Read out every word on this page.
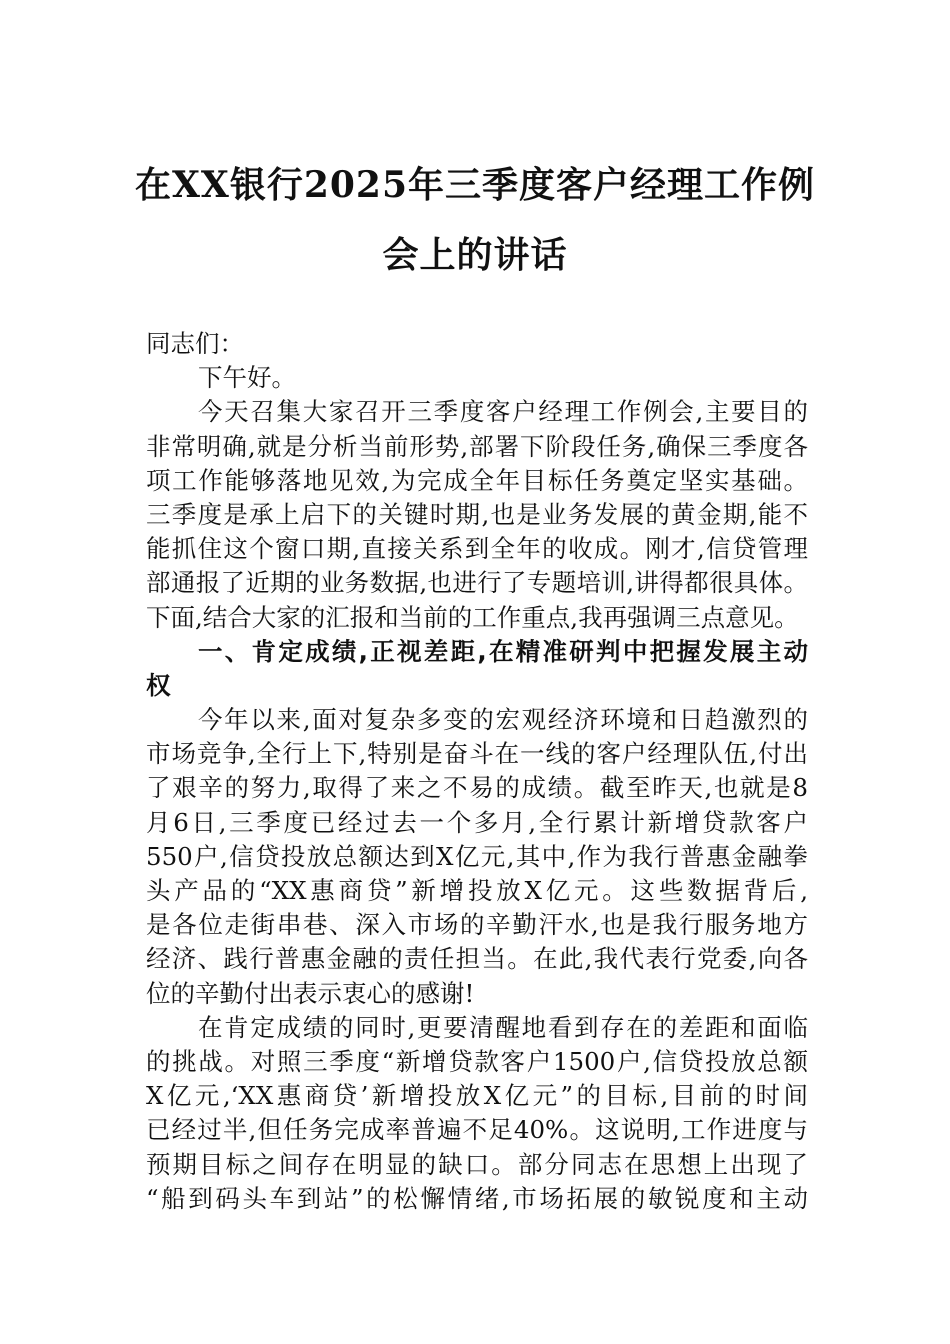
在XX银行2025年三季度客户经理工作例
会上的讲话
同志们：
下午好。
今天召集大家召开三季度客户经理工作例会,主要目的
非常明确,就是分析当前形势,部署下阶段任务,确保三季度各
项工作能够落地见效,为完成全年目标任务奠定坚实基础。
三季度是承上启下的关键时期,也是业务发展的黄金期,能不
能抓住这个窗口期,直接关系到全年的收成。刚才,信贷管理
部通报了近期的业务数据,也进行了专题培训,讲得都很具体。
下面,结合大家的汇报和当前的工作重点,我再强调三点意见。
一、肯定成绩,正视差距,在精准研判中把握发展主动
权
今年以来,面对复杂多变的宏观经济环境和日趋激烈的
市场竞争,全行上下,特别是奋斗在一线的客户经理队伍,付出
了艰辛的努力,取得了来之不易的成绩。截至昨天,也就是8
月6日,三季度已经过去一个多月,全行累计新增贷款客户
550户,信贷投放总额达到X亿元,其中,作为我行普惠金融拳
头产品的“XX惠商贷”新增投放X亿元。这些数据背后,
是各位走街串巷、深入市场的辛勤汗水,也是我行服务地方
经济、践行普惠金融的责任担当。在此,我代表行党委,向各
位的辛勤付出表示衷心的感谢!
在肯定成绩的同时,更要清醒地看到存在的差距和面临
的挑战。对照三季度“新增贷款客户1500户,信贷投放总额
X亿元,‘XX惠商贷’新增投放X亿元”的目标,目前的时间
已经过半,但任务完成率普遍不足40%。这说明,工作进度与
预期目标之间存在明显的缺口。部分同志在思想上出现了
“船到码头车到站”的松懈情绪,市场拓展的敏锐度和主动
